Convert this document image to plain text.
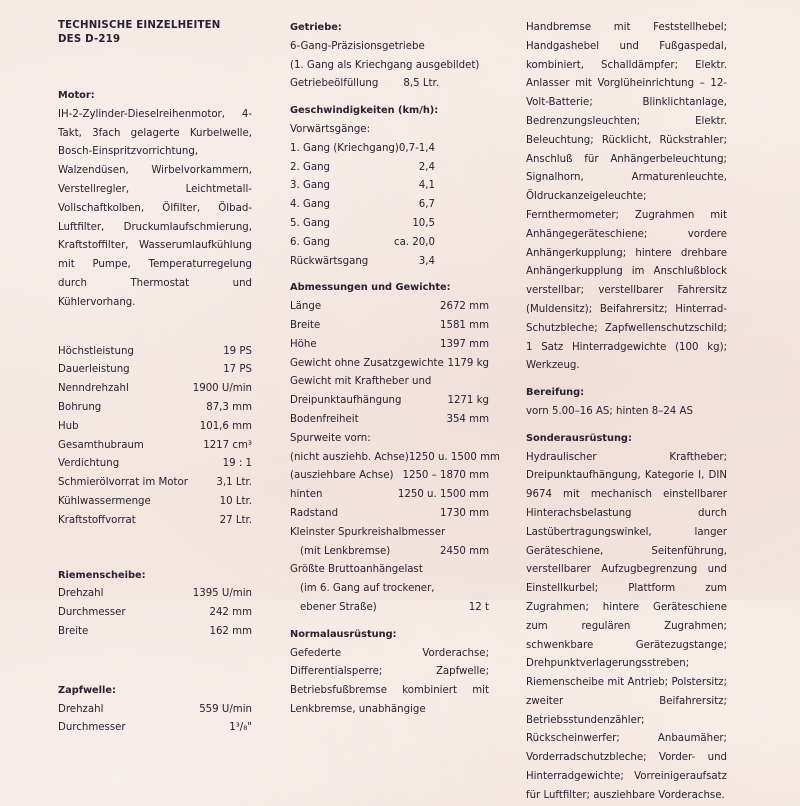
TECHNISCHE EINZELHEITEN
DES D-219
Motor:
IH-2-Zylinder-Dieselreihenmotor, 4-Takt, 3fach gelagerte Kurbelwelle, Bosch-Einspritzvorrichtung, Walzendüsen, Wirbelvorkammern, Verstellregler, Leichtmetall-Vollschaftkolben, Ölfilter, Ölbad-Luftfilter, Druckumlaufschmierung, Kraftstoffilter, Wasserumlaufkühlung mit Pumpe, Temperaturregelung durch Thermostat und Kühlervorhang.
Höchstleistung	19 PS
Dauerleistung	17 PS
Nenndrehzahl	1900 U/min
Bohrung	87,3 mm
Hub	101,6 mm
Gesamthubraum	1217 cm³
Verdichtung	19 : 1
Schmierölvorrat im Motor	3,1 Ltr.
Kühlwassermenge	10 Ltr.
Kraftstoffvorrat	27 Ltr.
Riemenscheibe:
Drehzahl	1395 U/min
Durchmesser	242 mm
Breite	162 mm
Zapfwelle:
Drehzahl	559 U/min
Durchmesser	1³/₈"
Getriebe:
6-Gang-Präzisionsgetriebe
(1. Gang als Kriechgang ausgebildet)
Getriebeölfüllung 8,5 Ltr.
Geschwindigkeiten (km/h):
Vorwärtsgänge:
1. Gang (Kriechgang) 0,7-1,4
2. Gang	2,4
3. Gang	4,1
4. Gang	6,7
5. Gang	10,5
6. Gang	ca. 20,0
Rückwärtsgang	3,4
Abmessungen und Gewichte:
Länge	2672 mm
Breite	1581 mm
Höhe	1397 mm
Gewicht ohne Zusatzgewichte 1179 kg
Gewicht mit Kraftheber und
Dreipunktaufhängung	1271 kg
Bodenfreiheit	354 mm
Spurweite vorn:
(nicht ausziehb. Achse) 1250 u. 1500 mm
(ausziehbare Achse) 1250 – 1870 mm
hinten	1250 u. 1500 mm
Radstand	1730 mm
Kleinster Spurkreishalbmesser
(mit Lenkbremse)	2450 mm
Größte Bruttoanhängelast
(im 6. Gang auf trockener,
ebener Straße)	12 t
Normalausrüstung:
Gefederte Vorderachse; Differentialsperre; Zapfwelle; Betriebsfußbremse kombiniert mit Lenkbremse, unabhängige
Handbremse mit Feststellhebel; Handgashebel und Fußgaspedal, kombiniert, Schalldämpfer; Elektr. Anlasser mit Vorglüheinrichtung – 12-Volt-Batterie; Blinklichtanlage, Bedrenzungsleuchten; Elektr. Beleuchtung; Rücklicht, Rückstrahler; Anschluß für Anhängerbeleuchtung; Signalhorn, Armaturenleuchte, Öldruckanzeigeleuchte; Fernthermometer; Zugrahmen mit Anhängegeräteschiene; vordere Anhängerkupplung; hintere drehbare Anhängerkupplung im Anschlußblock verstellbar; verstellbarer Fahrersitz (Muldensitz); Beifahrersitz; Hinterrad-Schutzbleche; Zapfwellenschutzschild; 1 Satz Hinterradgewichte (100 kg); Werkzeug.
Bereifung:
vorn 5.00–16 AS; hinten 8–24 AS
Sonderausrüstung:
Hydraulischer Kraftheber; Dreipunktaufhängung, Kategorie I, DIN 9674 mit mechanisch einstellbarer Hinterachsbelastung durch Lastübertragungswinkel, langer Geräteschiene, Seitenführung, verstellbarer Aufzugbegrenzung und Einstellkurbel; Plattform zum Zugrahmen; hintere Geräteschiene zum regulären Zugrahmen; schwenkbare Gerätezugstange; Drehpunktverlagerungsstreben; Riemenscheibe mit Antrieb; Polstersitz; zweiter Beifahrersitz; Betriebsstundenzähler; Rückscheinwerfer; Anbaumäher; Vorderradschutzbleche; Vorder- und Hinterradgewichte; Vorreinigeraufsatz für Luftfilter; ausziehbare Vorderachse.
